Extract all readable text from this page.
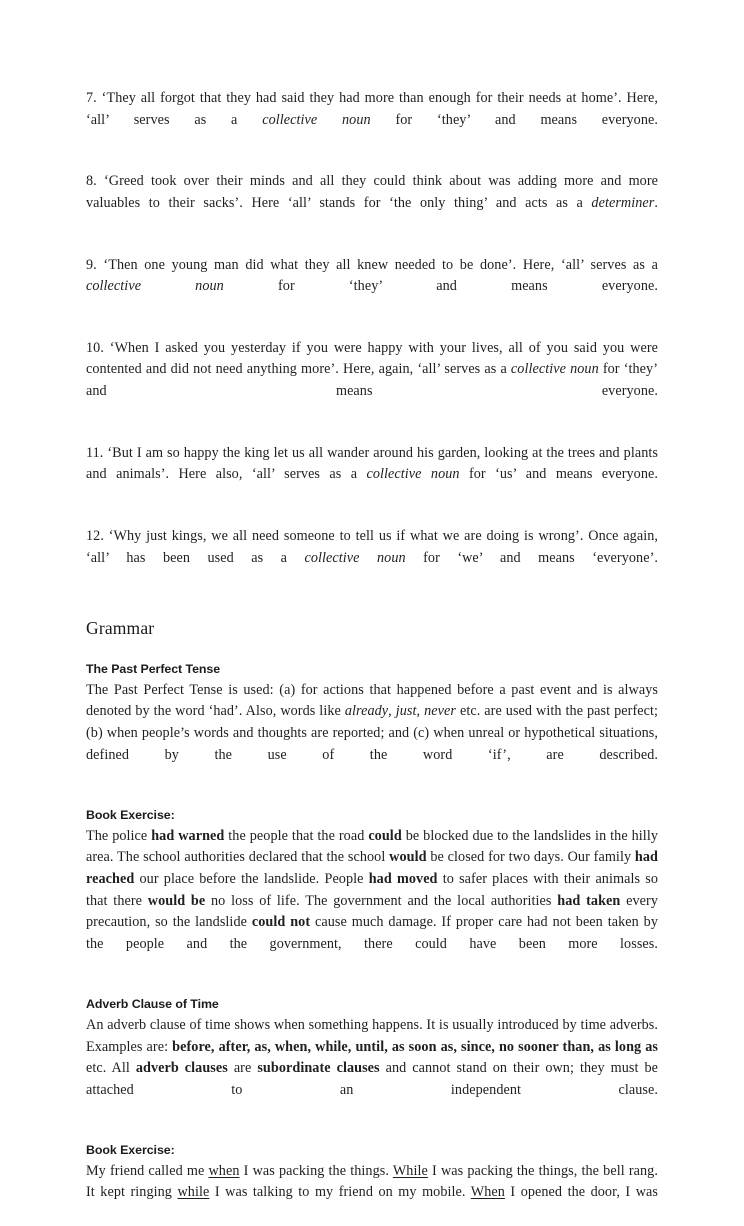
7. ‘They all forgot that they had said they had more than enough for their needs at home’. Here, ‘all’ serves as a collective noun for ‘they’ and means everyone.

8. ‘Greed took over their minds and all they could think about was adding more and more valuables to their sacks’. Here ‘all’ stands for ‘the only thing’ and acts as a determiner.

9. ‘Then one young man did what they all knew needed to be done’. Here, ‘all’ serves as a collective noun for ‘they’ and means everyone.

10. ‘When I asked you yesterday if you were happy with your lives, all of you said you were contented and did not need anything more’. Here, again, ‘all’ serves as a collective noun for ‘they’ and means everyone.

11. ‘But I am so happy the king let us all wander around his garden, looking at the trees and plants and animals’. Here also, ‘all’ serves as a collective noun for ‘us’ and means everyone.

12. ‘Why just kings, we all need someone to tell us if what we are doing is wrong’. Once again, ‘all’ has been used as a collective noun for ‘we’ and means ‘everyone’.

Grammar
The Past Perfect Tense

The Past Perfect Tense is used: (a) for actions that happened before a past event and is always denoted by the word ‘had’. Also, words like already, just, never etc. are used with the past perfect; (b) when people’s words and thoughts are reported; and (c) when unreal or hypothetical situations, defined by the use of the word ‘if’, are described.

Book Exercise:

The police had warned the people that the road could be blocked due to the landslides in the hilly area. The school authorities declared that the school would be closed for two days. Our family had reached our place before the landslide. People had moved to safer places with their animals so that there would be no loss of life. The government and the local authorities had taken every precaution, so the landslide could not cause much damage. If proper care had not been taken by the people and the government, there could have been more losses.

Adverb Clause of Time

An adverb clause of time shows when something happens. It is usually introduced by time adverbs. Examples are: before, after, as, when, while, until, as soon as, since, no sooner than, as long as etc. All adverb clauses are subordinate clauses and cannot stand on their own; they must be attached to an independent clause.

Book Exercise:

My friend called me when I was packing the things. While I was packing the things, the bell rang. It kept ringing while I was talking to my friend on my mobile. When I opened the door, I was
